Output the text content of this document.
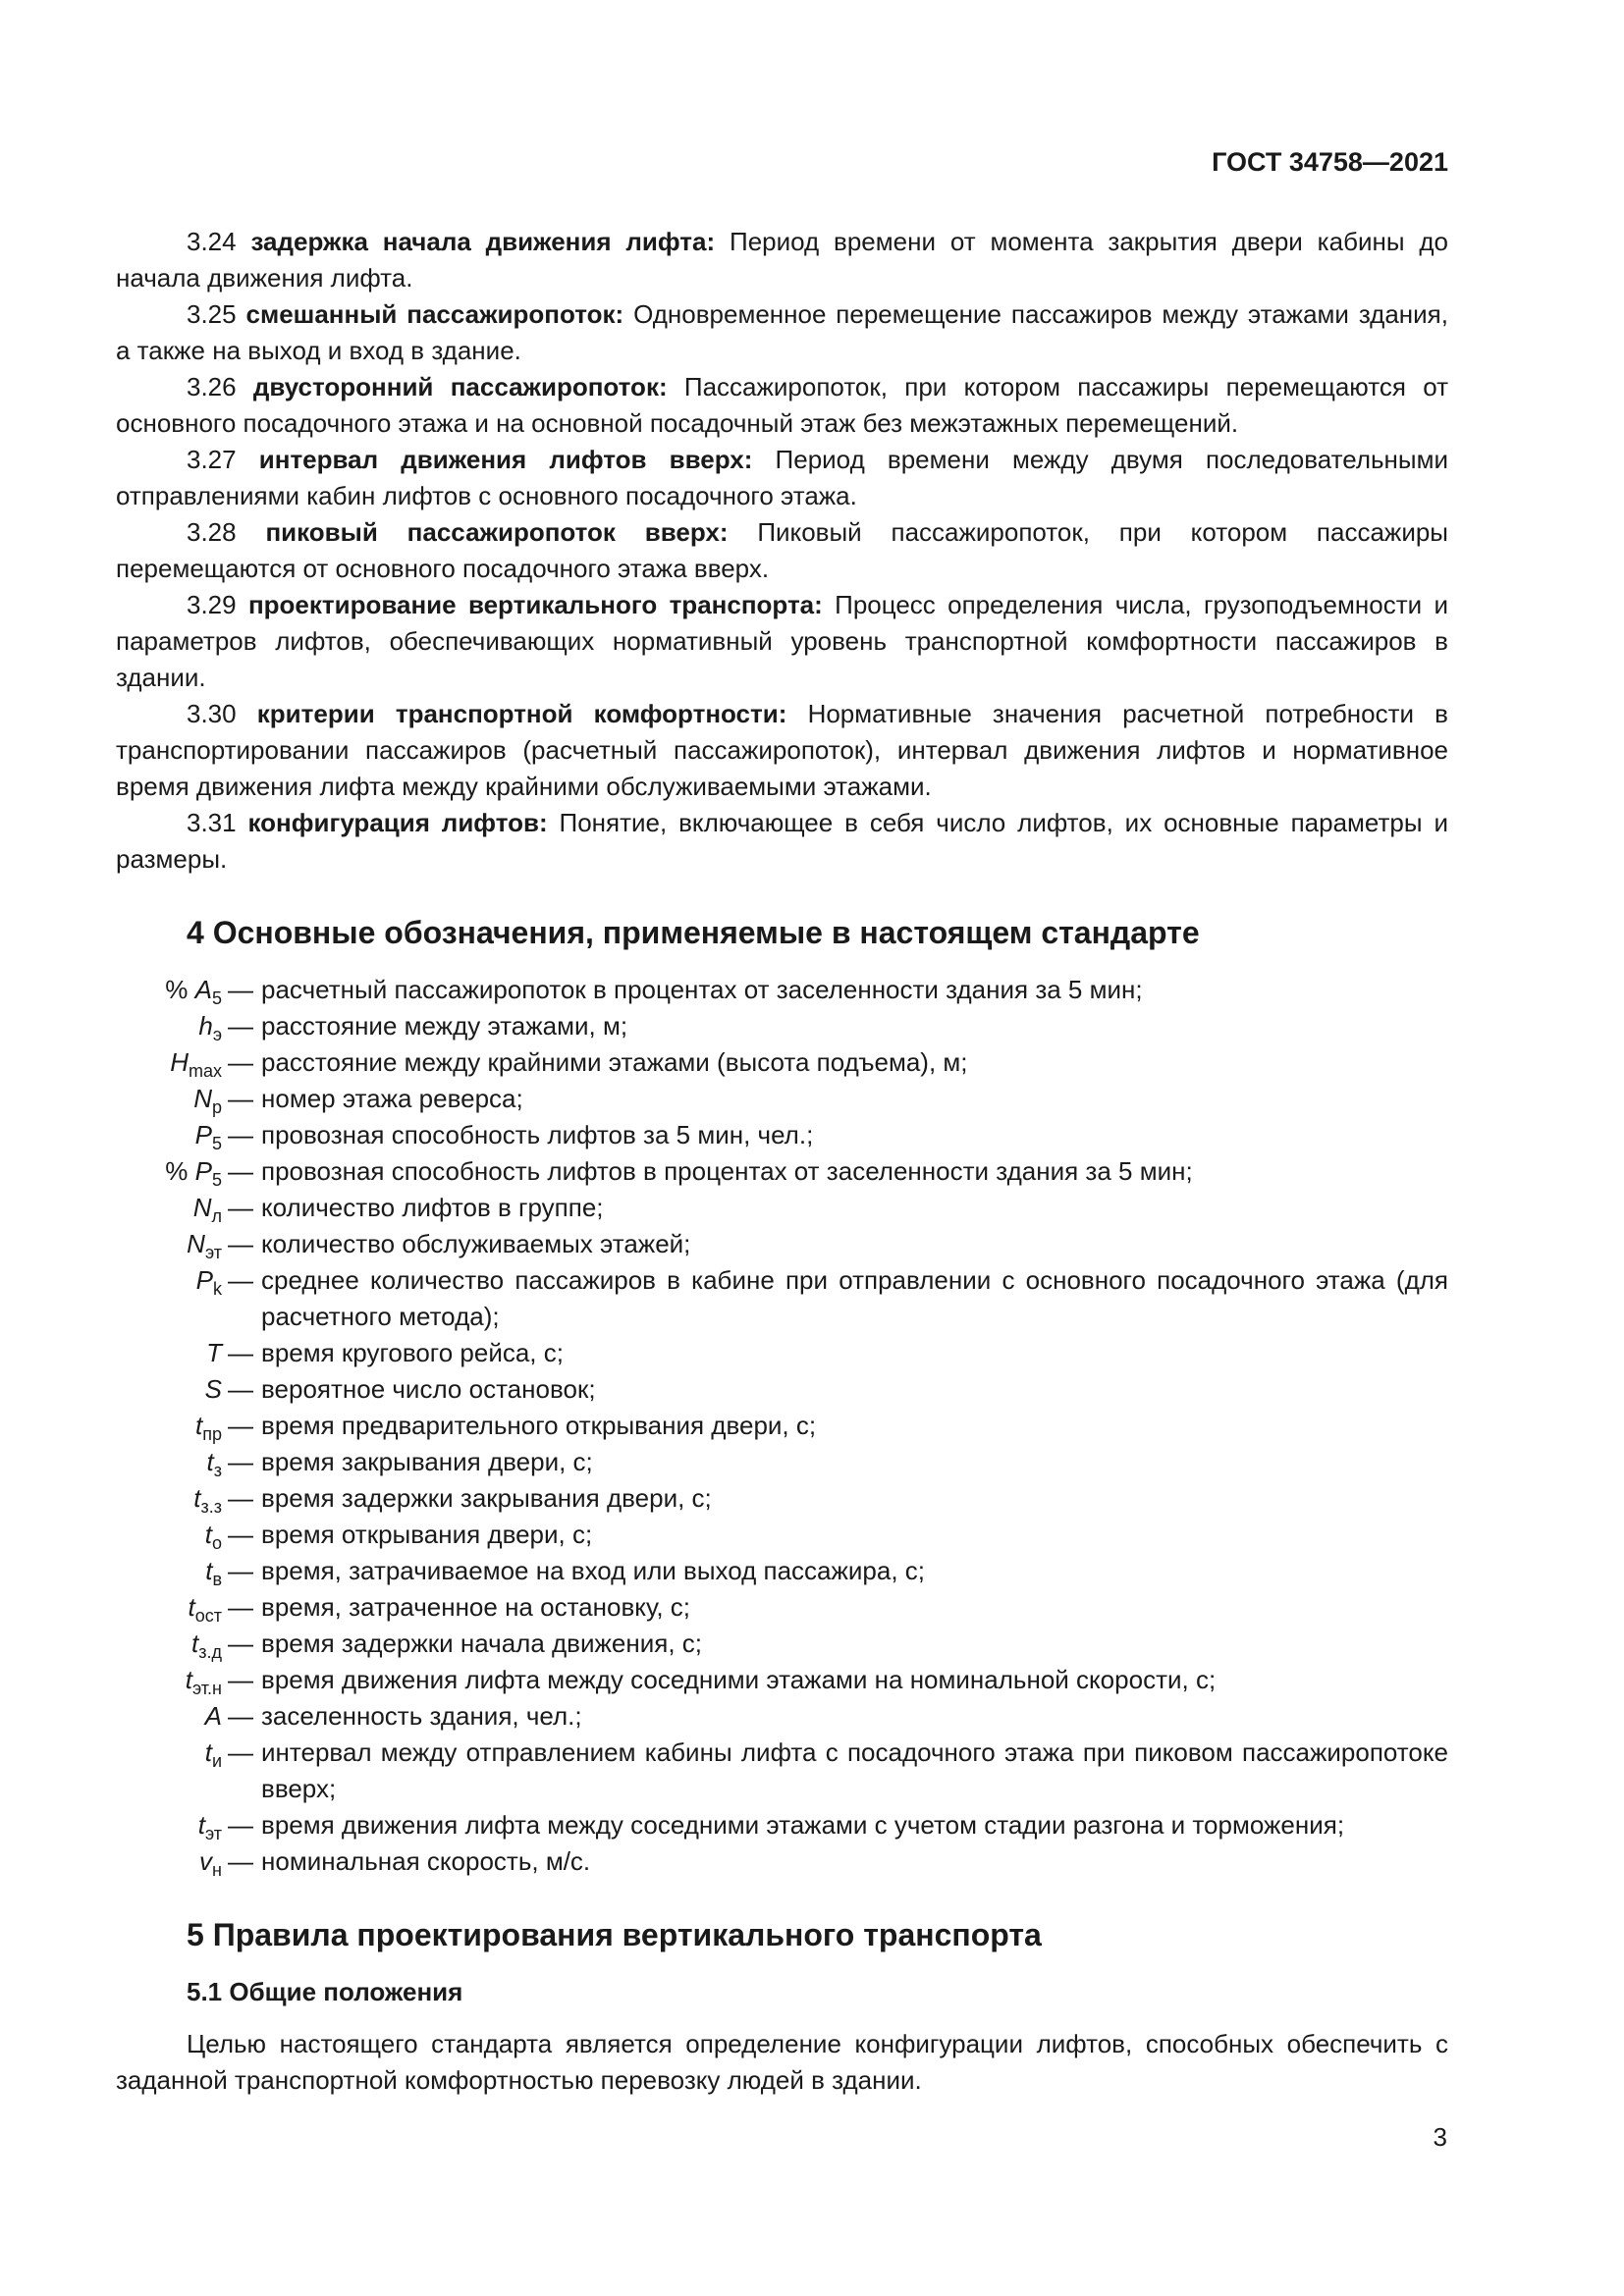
ГОСТ 34758—2021

3.24 задержка начала движения лифта: Период времени от момента закрытия двери кабины до начала движения лифта.

3.25 смешанный пассажиропоток: Одновременное перемещение пассажиров между этажами здания, а также на выход и вход в здание.

3.26 двусторонний пассажиропоток: Пассажиропоток, при котором пассажиры перемещаются от основного посадочного этажа и на основной посадочный этаж без межэтажных перемещений.

3.27 интервал движения лифтов вверх: Период времени между двумя последовательными отправлениями кабин лифтов с основного посадочного этажа.

3.28 пиковый пассажиропоток вверх: Пиковый пассажиропоток, при котором пассажиры перемещаются от основного посадочного этажа вверх.

3.29 проектирование вертикального транспорта: Процесс определения числа, грузоподъемности и параметров лифтов, обеспечивающих нормативный уровень транспортной комфортности пассажиров в здании.

3.30 критерии транспортной комфортности: Нормативные значения расчетной потребности в транспортировании пассажиров (расчетный пассажиропоток), интервал движения лифтов и нормативное время движения лифта между крайними обслуживаемыми этажами.

3.31 конфигурация лифтов: Понятие, включающее в себя число лифтов, их основные параметры и размеры.

4 Основные обозначения, применяемые в настоящем стандарте
% $A_5$ — расчетный пассажиропоток в процентах от заселенности здания за 5 мин;
$h_э$ — расстояние между этажами, м;
$H_{max}$ — расстояние между крайними этажами (высота подъема), м;
$N_р$ — номер этажа реверса;
$P_5$ — провозная способность лифтов за 5 мин, чел.;
% $P_5$ — провозная способность лифтов в процентах от заселенности здания за 5 мин;
$N_л$ — количество лифтов в группе;
$N_{эт}$ — количество обслуживаемых этажей;
$P_k$ — среднее количество пассажиров в кабине при отправлении с основного посадочного этажа (для расчетного метода);
T — время кругового рейса, с;
S — вероятное число остановок;
$t_{пр}$ — время предварительного открывания двери, с;
$t_з$ — время закрывания двери, с;
$t_{з.з}$ — время задержки закрывания двери, с;
$t_о$ — время открывания двери, с;
$t_в$ — время, затрачиваемое на вход или выход пассажира, с;
$t_{ост}$ — время, затраченное на остановку, с;
$t_{з.д}$ — время задержки начала движения, с;
$t_{эт.н}$ — время движения лифта между соседними этажами на номинальной скорости, с;
A — заселенность здания, чел.;
$t_и$ — интервал между отправлением кабины лифта с посадочного этажа при пиковом пассажиропотоке вверх;
$t_{эт}$ — время движения лифта между соседними этажами с учетом стадии разгона и торможения;
$v_н$ — номинальная скорость, м/с.
5 Правила проектирования вертикального транспорта
5.1 Общие положения

Целью настоящего стандарта является определение конфигурации лифтов, способных обеспечить с заданной транспортной комфортностью перевозку людей в здании.

3
